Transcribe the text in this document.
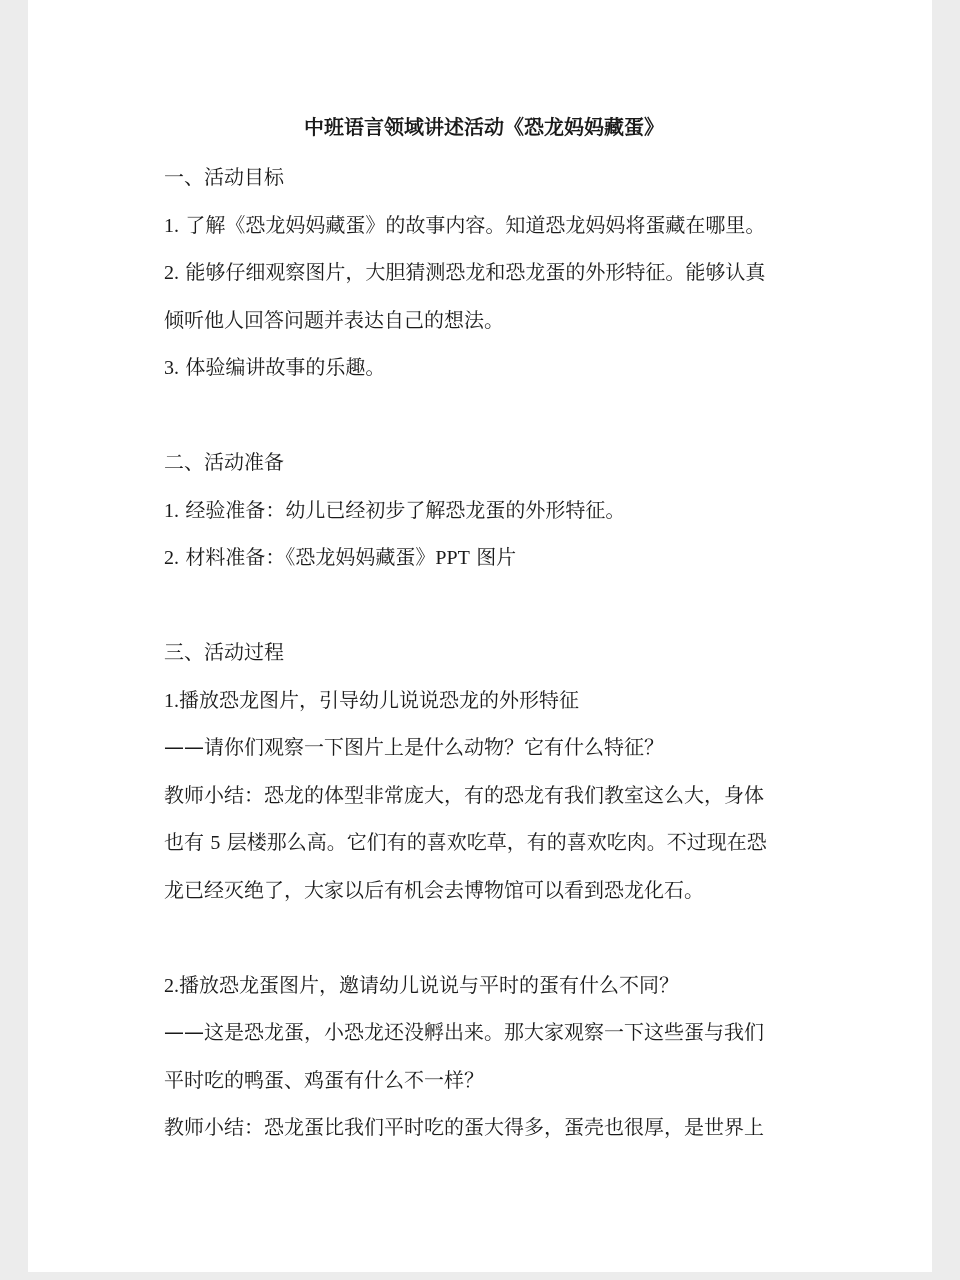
中班语言领域讲述活动《恐龙妈妈藏蛋》
一、活动目标
1. 了解《恐龙妈妈藏蛋》的故事内容。知道恐龙妈妈将蛋藏在哪里。
2. 能够仔细观察图片，大胆猜测恐龙和恐龙蛋的外形特征。能够认真
倾听他人回答问题并表达自己的想法。
3. 体验编讲故事的乐趣。
二、活动准备
1. 经验准备：幼儿已经初步了解恐龙蛋的外形特征。
2. 材料准备：《恐龙妈妈藏蛋》PPT 图片
三、活动过程
1.播放恐龙图片，引导幼儿说说恐龙的外形特征
——请你们观察一下图片上是什么动物？它有什么特征？
教师小结：恐龙的体型非常庞大，有的恐龙有我们教室这么大，身体
也有 5 层楼那么高。它们有的喜欢吃草，有的喜欢吃肉。不过现在恐
龙已经灭绝了，大家以后有机会去博物馆可以看到恐龙化石。
2.播放恐龙蛋图片，邀请幼儿说说与平时的蛋有什么不同？
——这是恐龙蛋，小恐龙还没孵出来。那大家观察一下这些蛋与我们
平时吃的鸭蛋、鸡蛋有什么不一样？
教师小结：恐龙蛋比我们平时吃的蛋大得多，蛋壳也很厚，是世界上
